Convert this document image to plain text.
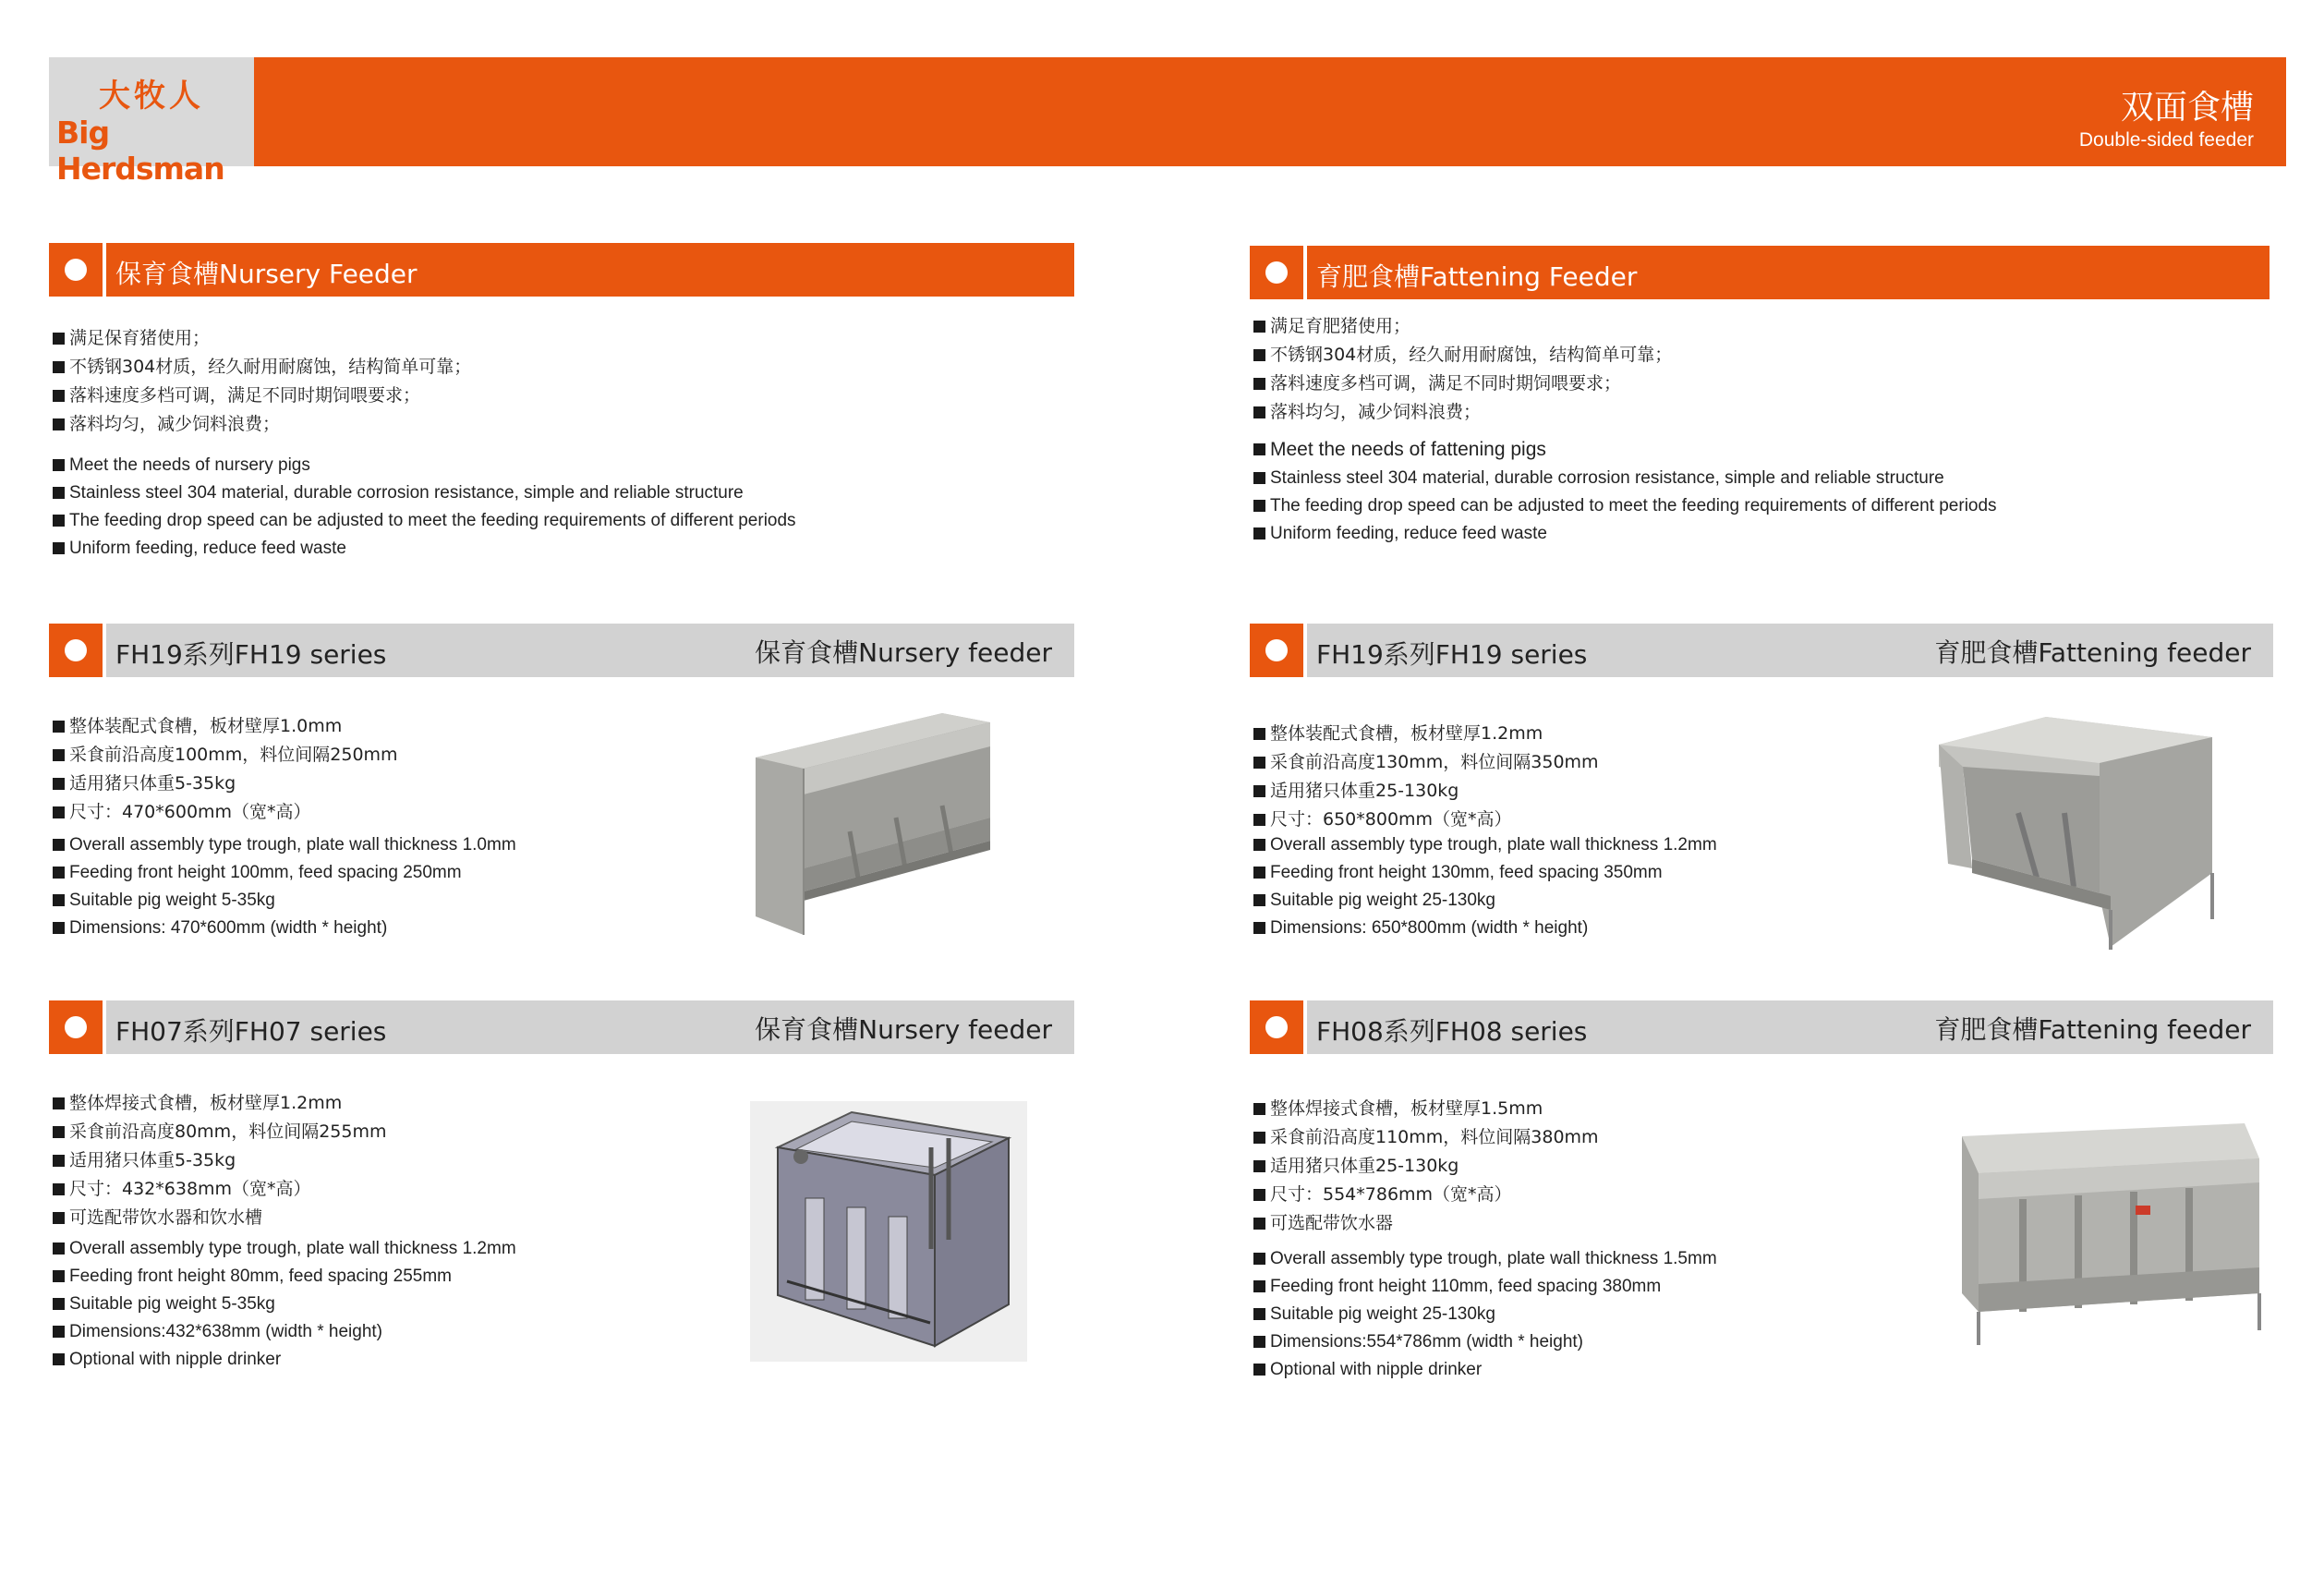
大牧人
Big Herdsman
双面食槽
Double-sided feeder
保育食槽Nursery Feeder
满足保育猪使用；
不锈钢304材质，经久耐用耐腐蚀，结构简单可靠；
落料速度多档可调，满足不同时期饲喂要求；
落料均匀，减少饲料浪费；
Meet the needs of nursery pigs
Stainless steel 304 material, durable corrosion resistance, simple and reliable structure
The feeding drop speed can be adjusted to meet the feeding requirements of different periods
Uniform feeding, reduce feed waste
育肥食槽Fattening Feeder
满足育肥猪使用；
不锈钢304材质，经久耐用耐腐蚀，结构简单可靠；
落料速度多档可调，满足不同时期饲喂要求；
落料均匀，减少饲料浪费；
Meet the needs of fattening pigs
Stainless steel 304 material, durable corrosion resistance, simple and reliable structure
The feeding drop speed can be adjusted to meet the feeding requirements of different periods
Uniform feeding, reduce feed waste
FH19系列FH19 series	保育食槽Nursery feeder
整体装配式食槽，板材壁厚1.0mm
采食前沿高度100mm，料位间隔250mm
适用猪只体重5-35kg
尺寸：470*600mm（宽*高）
Overall assembly type trough, plate wall thickness 1.0mm
Feeding front height 100mm, feed spacing 250mm
Suitable pig weight 5-35kg
Dimensions: 470*600mm (width * height)
FH19系列FH19 series	育肥食槽Fattening feeder
整体装配式食槽，板材壁厚1.2mm
采食前沿高度130mm，料位间隔350mm
适用猪只体重25-130kg
尺寸：650*800mm（宽*高）
Overall assembly type trough, plate wall thickness 1.2mm
Feeding front height 130mm, feed spacing 350mm
Suitable pig weight 25-130kg
Dimensions: 650*800mm (width * height)
FH07系列FH07 series	保育食槽Nursery feeder
整体焊接式食槽，板材壁厚1.2mm
采食前沿高度80mm，料位间隔255mm
适用猪只体重5-35kg
尺寸：432*638mm（宽*高）
可选配带饮水器和饮水槽
Overall assembly type trough, plate wall thickness 1.2mm
Feeding front height 80mm, feed spacing 255mm
Suitable pig weight 5-35kg
Dimensions:432*638mm (width * height)
Optional with nipple drinker
FH08系列FH08 series	育肥食槽Fattening feeder
整体焊接式食槽，板材壁厚1.5mm
采食前沿高度110mm，料位间隔380mm
适用猪只体重25-130kg
尺寸：554*786mm（宽*高）
可选配带饮水器
Overall assembly type trough, plate wall thickness 1.5mm
Feeding front height 110mm, feed spacing 380mm
Suitable pig weight 25-130kg
Dimensions:554*786mm (width * height)
Optional with nipple drinker
